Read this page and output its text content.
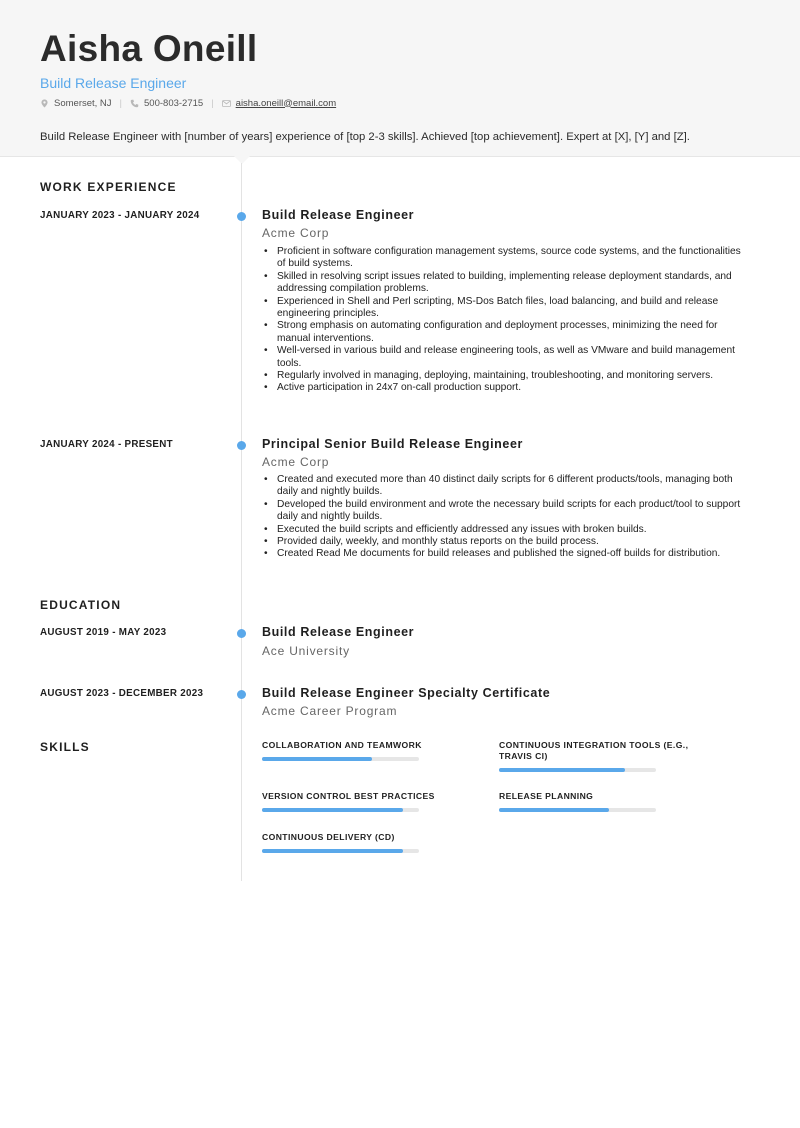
Aisha Oneill
Build Release Engineer
Somerset, NJ | 500-803-2715 | aisha.oneill@email.com
Build Release Engineer with [number of years] experience of [top 2-3 skills]. Achieved [top achievement]. Expert at [X], [Y] and [Z].
WORK EXPERIENCE
JANUARY 2023 - JANUARY 2024	Build Release Engineer
Acme Corp
• Proficient in software configuration management systems, source code systems, and the functionalities of build systems.
• Skilled in resolving script issues related to building, implementing release deployment standards, and addressing compilation problems.
• Experienced in Shell and Perl scripting, MS-Dos Batch files, load balancing, and build and release engineering principles.
• Strong emphasis on automating configuration and deployment processes, minimizing the need for manual interventions.
• Well-versed in various build and release engineering tools, as well as VMware and build management tools.
• Regularly involved in managing, deploying, maintaining, troubleshooting, and monitoring servers.
• Active participation in 24x7 on-call production support.
JANUARY 2024 - PRESENT	Principal Senior Build Release Engineer
Acme Corp
• Created and executed more than 40 distinct daily scripts for 6 different products/tools, managing both daily and nightly builds.
• Developed the build environment and wrote the necessary build scripts for each product/tool to support daily and nightly builds.
• Executed the build scripts and efficiently addressed any issues with broken builds.
• Provided daily, weekly, and monthly status reports on the build process.
• Created Read Me documents for build releases and published the signed-off builds for distribution.
EDUCATION
AUGUST 2019 - MAY 2023	Build Release Engineer
Ace University
AUGUST 2023 - DECEMBER 2023	Build Release Engineer Specialty Certificate
Acme Career Program
SKILLS	COLLABORATION AND TEAMWORK	CONTINUOUS INTEGRATION TOOLS (E.G., TRAVIS CI)
VERSION CONTROL BEST PRACTICES	RELEASE PLANNING
CONTINUOUS DELIVERY (CD)
